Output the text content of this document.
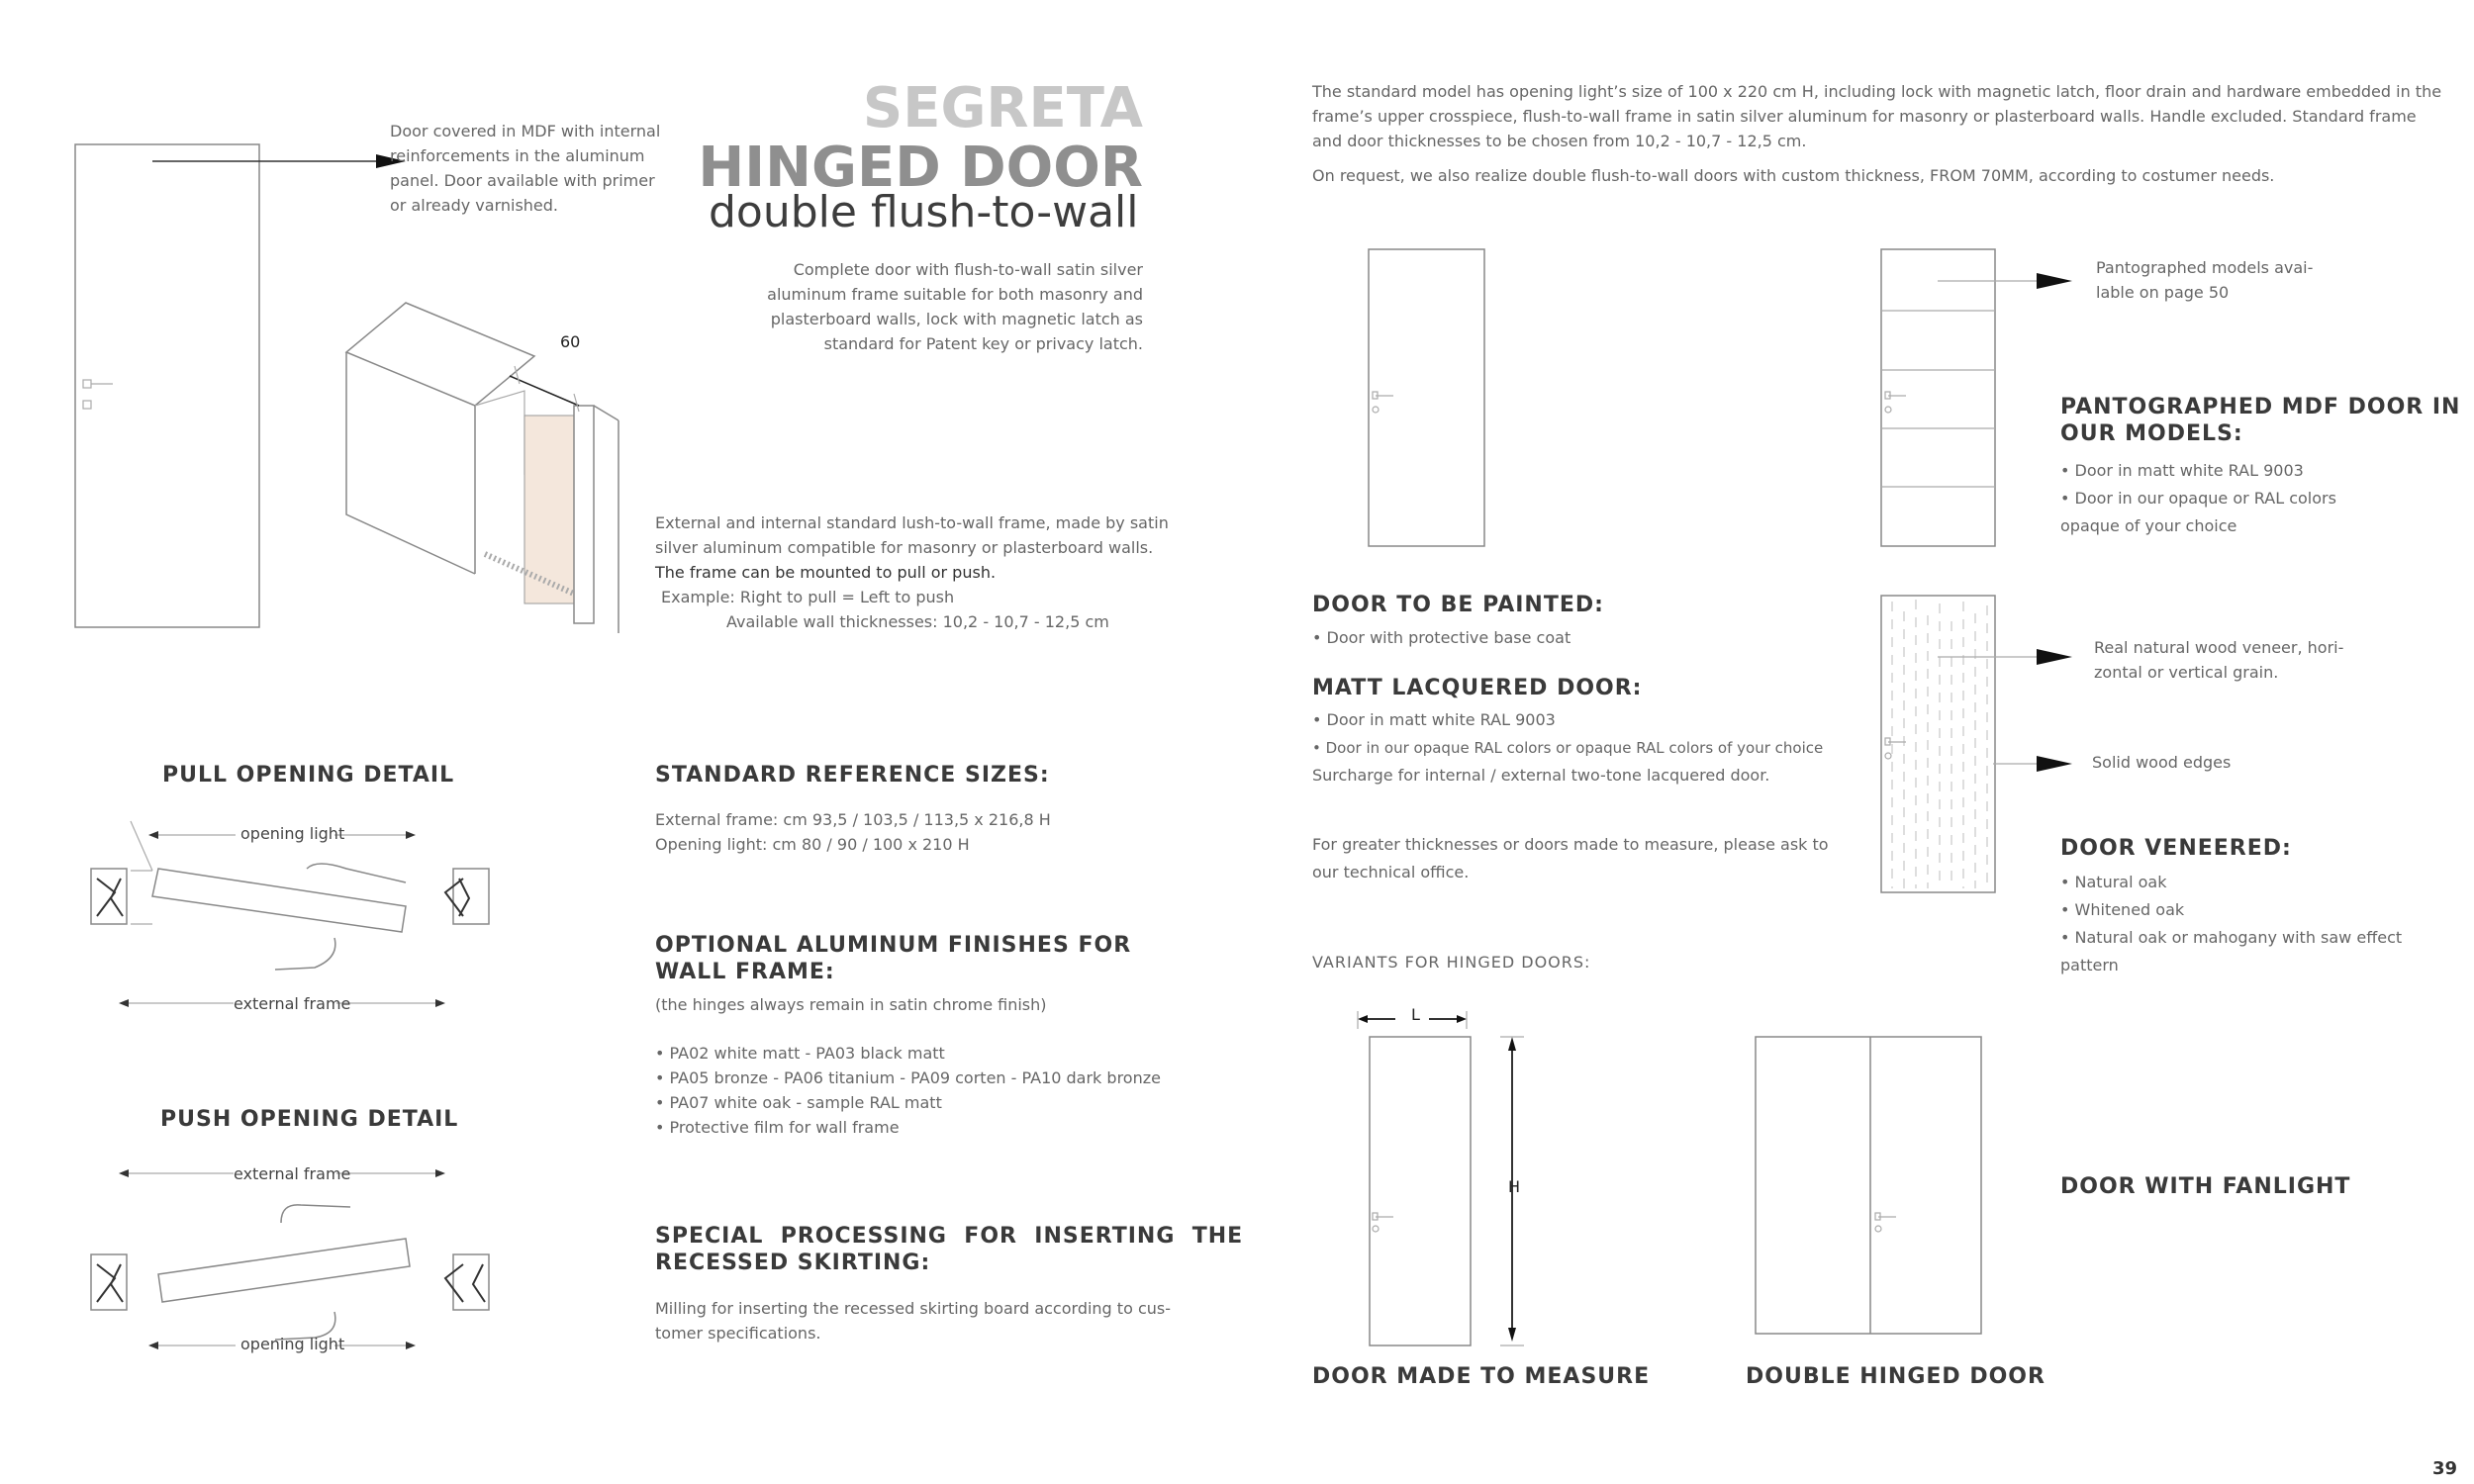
Door covered in MDF with internal
reinforcements in the aluminum
panel. Door available with primer
or already varnished.
60
SEGRETA
HINGED DOOR
double flush-to-wall
Complete door with flush-to-wall satin silver
aluminum frame suitable for both masonry and
plasterboard walls, lock with magnetic latch as
standard for Patent key or privacy latch.
External and internal standard lush-to-wall frame, made by satin
silver aluminum compatible for masonry or plasterboard walls.
The frame can be mounted to pull or push.
Example: Right to pull = Left to push
Available wall thicknesses: 10,2 - 10,7 - 12,5 cm
PULL OPENING DETAIL
opening light
external frame
PUSH OPENING DETAIL
external frame
opening light
STANDARD REFERENCE SIZES:
External frame: cm 93,5 / 103,5 / 113,5 x 216,8 H
Opening light: cm 80 / 90 / 100 x 210 H
OPTIONAL ALUMINUM FINISHES FOR
WALL FRAME:
(the hinges always remain in satin chrome finish)
• PA02 white matt - PA03 black matt
• PA05 bronze - PA06 titanium - PA09 corten - PA10 dark bronze
• PA07 white oak - sample RAL matt
• Protective film for wall frame
SPECIAL  PROCESSING  FOR  INSERTING  THE
RECESSED SKIRTING:
Milling for inserting the recessed skirting board according to cus-
tomer specifications.
The standard model has opening light’s size of 100 x 220 cm H, including lock with magnetic latch, floor drain and hardware embedded in the
frame’s upper crosspiece, flush-to-wall frame in satin silver aluminum for masonry or plasterboard walls. Handle excluded. Standard frame
and door thicknesses to be chosen from 10,2 - 10,7 - 12,5 cm.
On request, we also realize double flush-to-wall doors with custom thickness, FROM 70MM, according to costumer needs.
Pantographed models avai-
lable on page 50
PANTOGRAPHED MDF DOOR IN
OUR MODELS:
• Door in matt white RAL 9003
• Door in our opaque or RAL colors
opaque of your choice
DOOR TO BE PAINTED:
• Door with protective base coat
MATT LACQUERED DOOR:
• Door in matt white RAL 9003
• Door in our opaque RAL colors or opaque RAL colors of your choice
Surcharge for internal / external two-tone lacquered door.
For greater thicknesses or doors made to measure, please ask to
our technical office.
Real natural wood veneer, hori-
zontal or vertical grain.
Solid wood edges
DOOR VENEERED:
• Natural oak
• Whitened oak
• Natural oak or mahogany with saw effect
pattern
VARIANTS FOR HINGED DOORS:
L
H
DOOR MADE TO MEASURE	DOUBLE HINGED DOOR
DOOR WITH FANLIGHT
39
